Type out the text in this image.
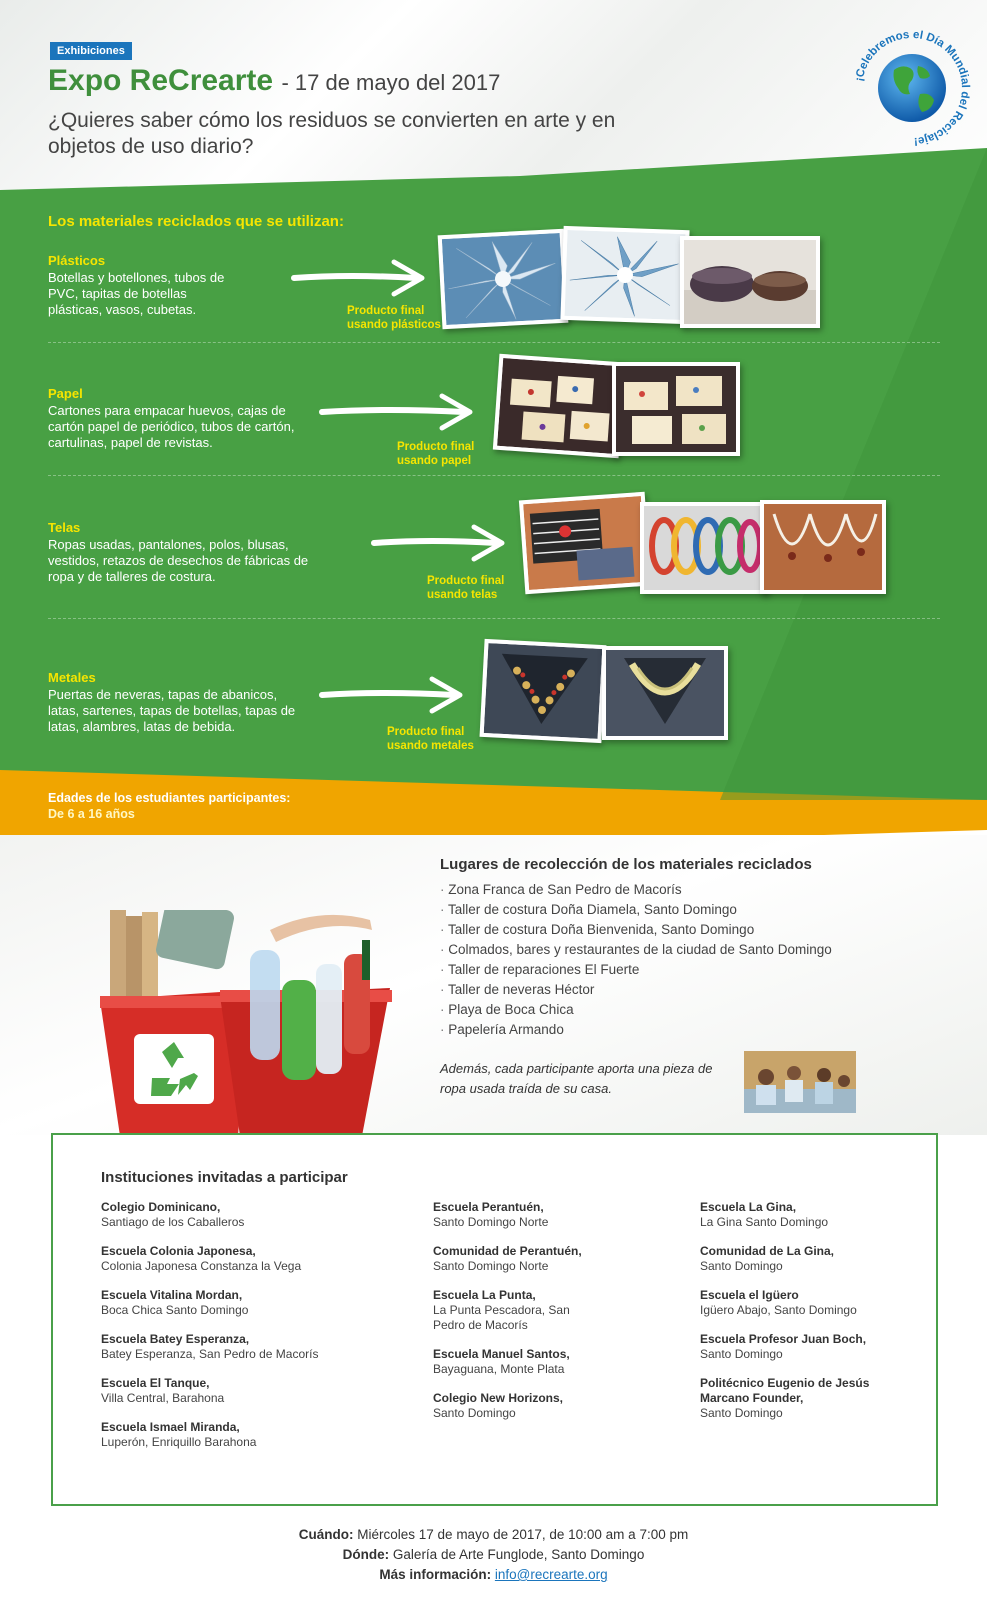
Exhibiciones
Expo ReCrearte - 17 de mayo del 2017
¿Quieres saber cómo los residuos se convierten en arte y en objetos de uso diario?
¡Celebremos el Día Mundial del Reciclaje!
Los materiales reciclados que se utilizan:
Plásticos
Botellas y botellones, tubos de PVC, tapitas de botellas plásticas, vasos, cubetas.	Producto final usando plásticos
Papel
Cartones para empacar huevos, cajas de cartón papel de periódico, tubos de cartón, cartulinas, papel de revistas.	Producto final usando papel
Telas
Ropas usadas, pantalones, polos, blusas, vestidos, retazos de desechos de fábricas de ropa y de talleres de costura.	Producto final usando telas
Metales
Puertas de neveras, tapas de abanicos, latas, sartenes, tapas de botellas, tapas de latas, alambres, latas de bebida.	Producto final usando metales
Edades de los estudiantes participantes: De 6 a 16 años
Lugares de recolección de los materiales reciclados
· Zona Franca de San Pedro de Macorís
· Taller de costura Doña Diamela, Santo Domingo
· Taller de costura Doña Bienvenida, Santo Domingo
· Colmados, bares y restaurantes de la ciudad de Santo Domingo
· Taller de reparaciones El Fuerte
· Taller de neveras Héctor
· Playa de Boca Chica
· Papelería Armando
Además, cada participante aporta una pieza de ropa usada traída de su casa.
Instituciones invitadas a participar
Colegio Dominicano,
Santiago de los Caballeros
Escuela Colonia Japonesa,
Colonia Japonesa Constanza la Vega
Escuela Vitalina Mordan,
Boca Chica Santo Domingo
Escuela Batey Esperanza,
Batey Esperanza, San Pedro de Macorís
Escuela El Tanque,
Villa Central, Barahona
Escuela Ismael Miranda,
Luperón, Enriquillo Barahona
Escuela Perantuén,
Santo Domingo Norte
Comunidad de Perantuén,
Santo Domingo Norte
Escuela La Punta,
La Punta Pescadora, San Pedro de Macorís
Escuela Manuel Santos,
Bayaguana, Monte Plata
Colegio New Horizons,
Santo Domingo
Escuela La Gina,
La Gina Santo Domingo
Comunidad de La Gina,
Santo Domingo
Escuela el Igüero
Igüero Abajo, Santo Domingo
Escuela Profesor Juan Boch,
Santo Domingo
Politécnico Eugenio de Jesús Marcano Founder,
Santo Domingo
Cuándo: Miércoles 17 de mayo de 2017, de 10:00 am a 7:00 pm
Dónde: Galería de Arte Funglode, Santo Domingo
Más información: info@recrearte.org
